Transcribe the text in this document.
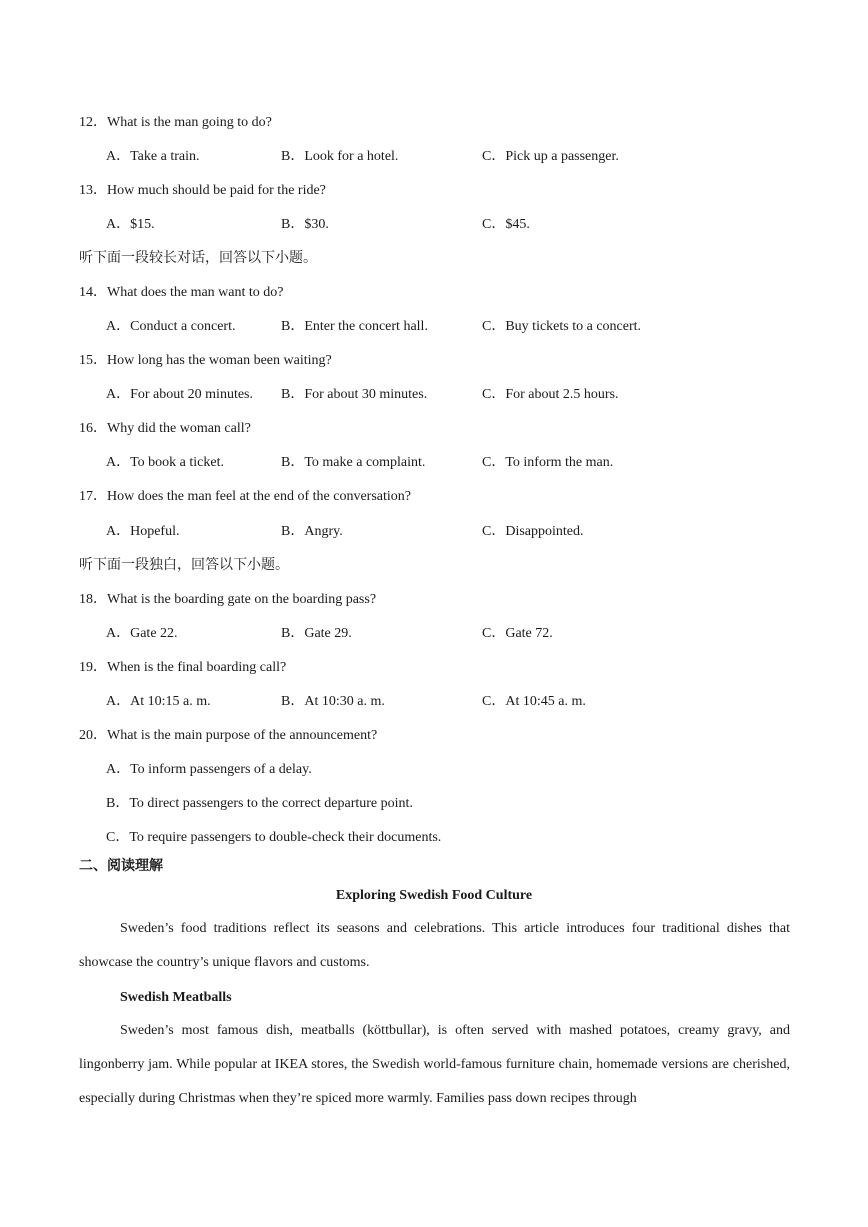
12．What is the man going to do?
A．Take a train.	B．Look for a hotel.	C．Pick up a passenger.
13．How much should be paid for the ride?
A．$15.	B．$30.	C．$45.
听下面一段较长对话，回答以下小题。
14．What does the man want to do?
A．Conduct a concert.	B．Enter the concert hall.	C．Buy tickets to a concert.
15．How long has the woman been waiting?
A．For about 20 minutes. B．For about 30 minutes.	C．For about 2.5 hours.
16．Why did the woman call?
A．To book a ticket.	B．To make a complaint.	C．To inform the man.
17．How does the man feel at the end of the conversation?
A．Hopeful.	B．Angry.	C．Disappointed.
听下面一段独白，回答以下小题。
18．What is the boarding gate on the boarding pass?
A．Gate 22.	B．Gate 29.	C．Gate 72.
19．When is the final boarding call?
A．At 10:15 a. m.	B．At 10:30 a. m.	C．At 10:45 a. m.
20．What is the main purpose of the announcement?
A．To inform passengers of a delay.
B．To direct passengers to the correct departure point.
C．To require passengers to double-check their documents.
二、阅读理解
Exploring Swedish Food Culture
Sweden’s food traditions reflect its seasons and celebrations. This article introduces four traditional dishes that showcase the country’s unique flavors and customs.
Swedish Meatballs
Sweden’s most famous dish, meatballs (köttbullar), is often served with mashed potatoes, creamy gravy, and lingonberry jam. While popular at IKEA stores, the Swedish world-famous furniture chain, homemade versions are cherished, especially during Christmas when they’re spiced more warmly. Families pass down recipes through
